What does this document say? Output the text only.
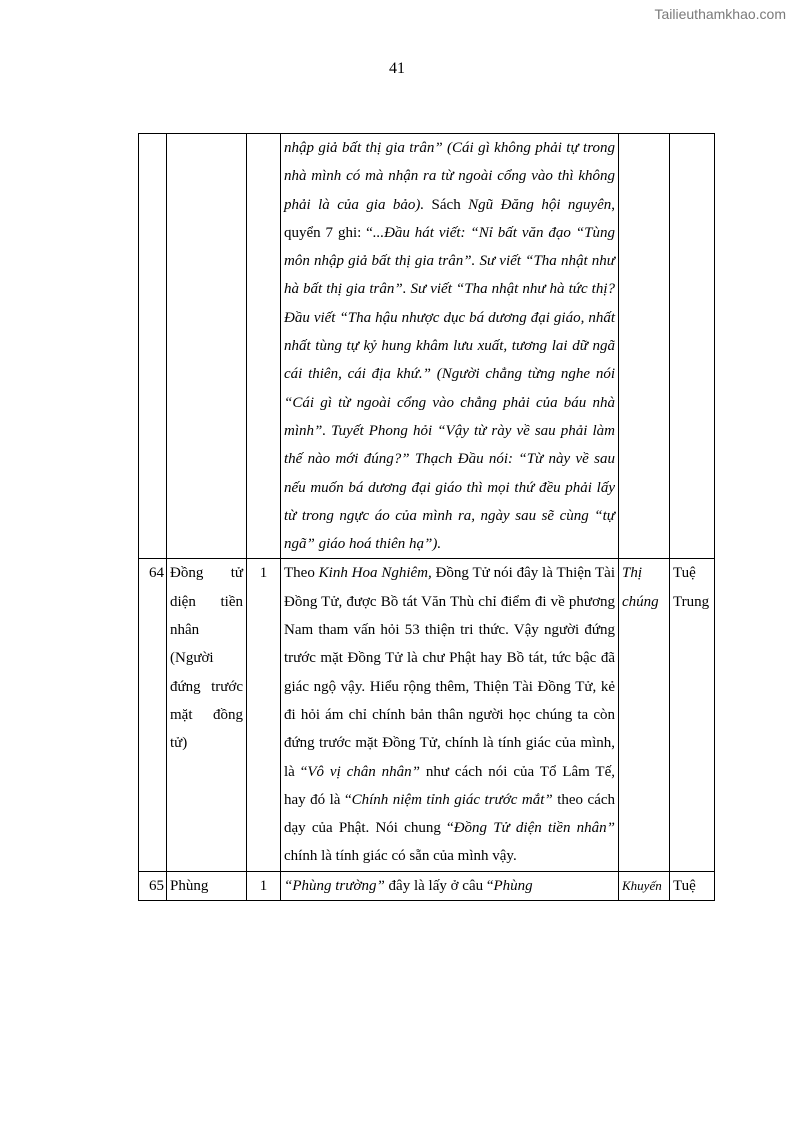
Tailieuthamkhao.com
41
			nhập giả bất thị gia trân” (Cái gì không phải tự trong nhà mình có mà nhận ra từ ngoài cổng vào thì không phải là của gia bảo). Sách Ngũ Đăng hội nguyên, quyển 7 ghi: “...Đầu hát viết: “Nỉ bất văn đạo “Tùng môn nhập giả bất thị gia trân”. Sư viết “Tha nhật như hà bất thị gia trân”. Sư viết “Tha nhật như hà tức thị? Đầu viết “Tha hậu nhược dục bá dương đại giáo, nhất nhất tùng tự kỷ hung khâm lưu xuất, tương lai dữ ngã cái thiên, cái địa khứ.” (Người chẳng từng nghe nói “Cái gì từ ngoài cổng vào chẳng phải của báu nhà mình”. Tuyết Phong hỏi “Vậy từ rày về sau phải làm thế nào mới đúng?” Thạch Đầu nói: “Từ này về sau nếu muốn bá dương đại giáo thì mọi thứ đều phải lấy từ trong ngực áo của mình ra, ngày sau sẽ cùng “tự ngã” giáo hoá thiên hạ”).		
64	Đồng tử diện tiền nhân (Người đứng trước mặt đồng tử)	1	Theo Kinh Hoa Nghiêm, Đồng Tử nói đây là Thiện Tài Đồng Tử, được Bồ tát Văn Thù chỉ điểm đi về phương Nam tham vấn hỏi 53 thiện tri thức. Vậy người đứng trước mặt Đồng Tử là chư Phật hay Bồ tát, tức bậc đã giác ngộ vậy. Hiểu rộng thêm, Thiện Tài Đồng Tử, kẻ đi hỏi ám chỉ chính bản thân người học chúng ta còn đứng trước mặt Đồng Tử, chính là tính giác của mình, là “Vô vị chân nhân” như cách nói của Tổ Lâm Tế, hay đó là “Chính niệm tỉnh giác trước mắt” theo cách dạy của Phật. Nói chung “Đồng Tử diện tiền nhân” chính là tính giác có sẵn của mình vậy.	Thị chúng	Tuệ Trung
65	Phùng	1	“Phùng trường” đây là lấy ở câu “Phùng	Khuyến	Tuệ
